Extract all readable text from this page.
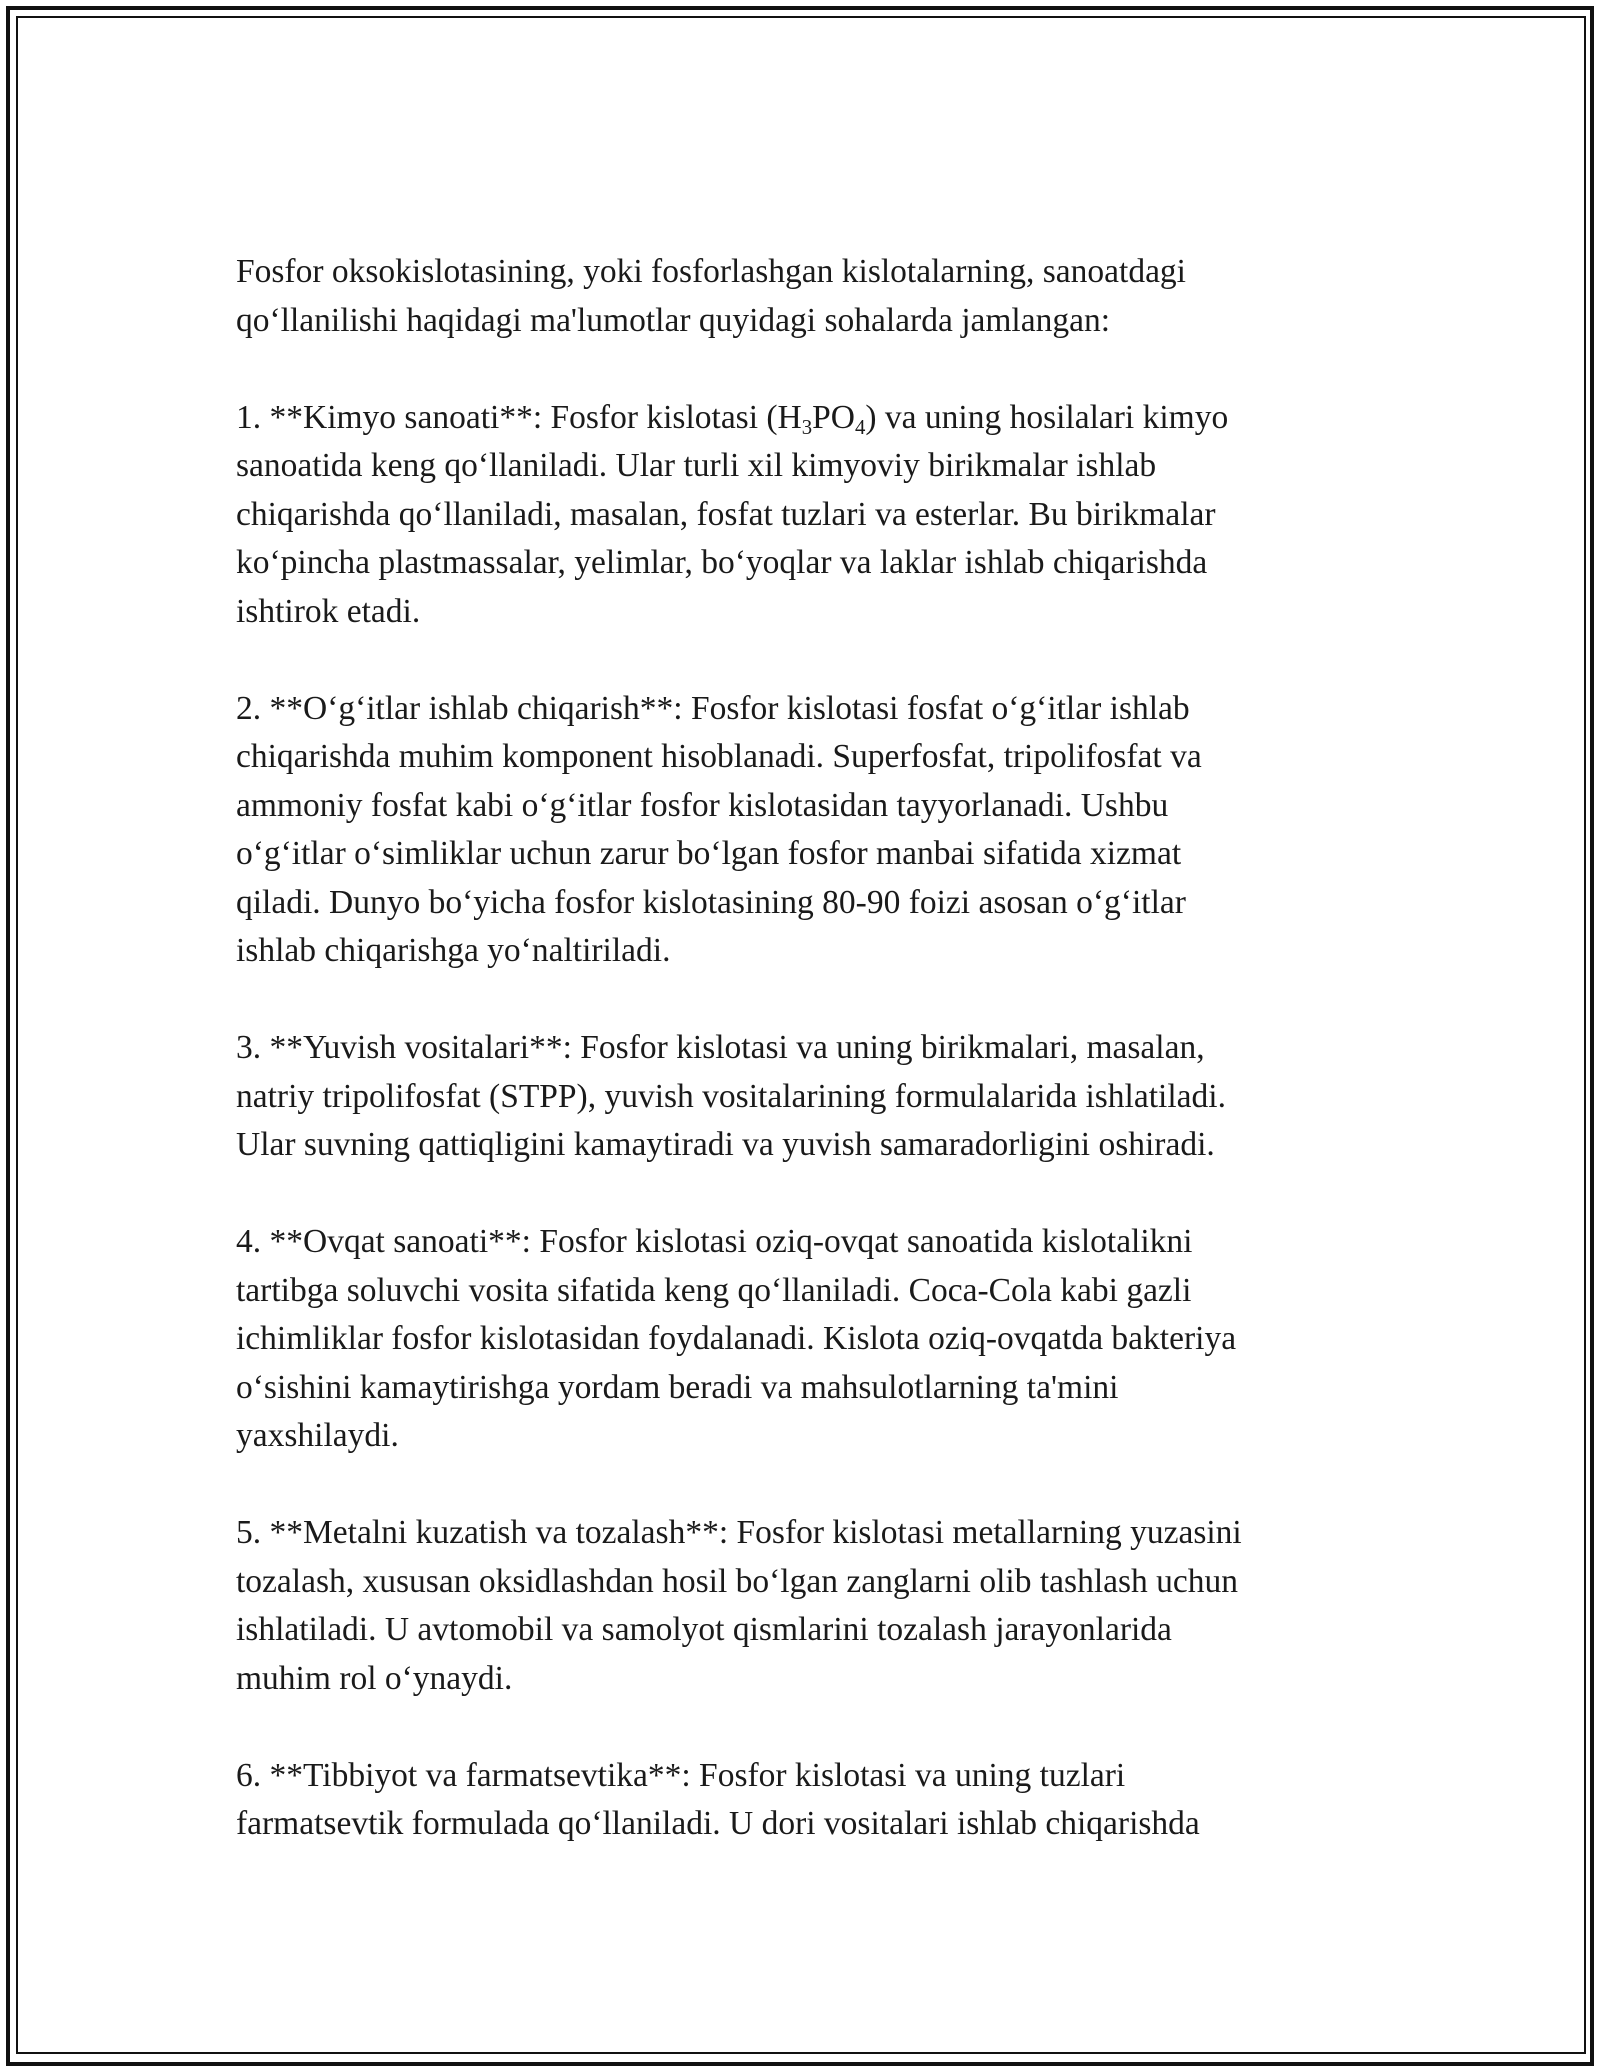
Fosfor oksokislotasining, yoki fosforlashgan kislotalarning, sanoatdagi
qo‘llanilishi haqidagi ma'lumotlar quyidagi sohalarda jamlangan:

1. **Kimyo sanoati**: Fosfor kislotasi $(H_3PO_4)$ va uning hosilalari kimyo
sanoatida keng qo‘llaniladi. Ular turli xil kimyoviy birikmalar ishlab
chiqarishda qo‘llaniladi, masalan, fosfat tuzlari va esterlar. Bu birikmalar
ko‘pincha plastmassalar, yelimlar, bo‘yoqlar va laklar ishlab chiqarishda
ishtirok etadi.

2. **O‘g‘itlar ishlab chiqarish**: Fosfor kislotasi fosfat o‘g‘itlar ishlab
chiqarishda muhim komponent hisoblanadi. Superfosfat, tripolifosfat va
ammoniy fosfat kabi o‘g‘itlar fosfor kislotasidan tayyorlanadi. Ushbu
o‘g‘itlar o‘simliklar uchun zarur bo‘lgan fosfor manbai sifatida xizmat
qiladi. Dunyo bo‘yicha fosfor kislotasining 80-90 foizi asosan o‘g‘itlar
ishlab chiqarishga yo‘naltiriladi.

3. **Yuvish vositalari**: Fosfor kislotasi va uning birikmalari, masalan,
natriy tripolifosfat (STPP), yuvish vositalarining formulalarida ishlatiladi.
Ular suvning qattiqligini kamaytiradi va yuvish samaradorligini oshiradi.

4. **Ovqat sanoati**: Fosfor kislotasi oziq-ovqat sanoatida kislotalikni
tartibga soluvchi vosita sifatida keng qo‘llaniladi. Coca-Cola kabi gazli
ichimliklar fosfor kislotasidan foydalanadi. Kislota oziq-ovqatda bakteriya
o‘sishini kamaytirishga yordam beradi va mahsulotlarning ta'mini
yaxshilaydi.

5. **Metalni kuzatish va tozalash**: Fosfor kislotasi metallarning yuzasini
tozalash, xususan oksidlashdan hosil bo‘lgan zanglarni olib tashlash uchun
ishlatiladi. U avtomobil va samolyot qismlarini tozalash jarayonlarida
muhim rol o‘ynaydi.

6. **Tibbiyot va farmatsevtika**: Fosfor kislotasi va uning tuzlari
farmatsevtik formulada qo‘llaniladi. U dori vositalari ishlab chiqarishda
